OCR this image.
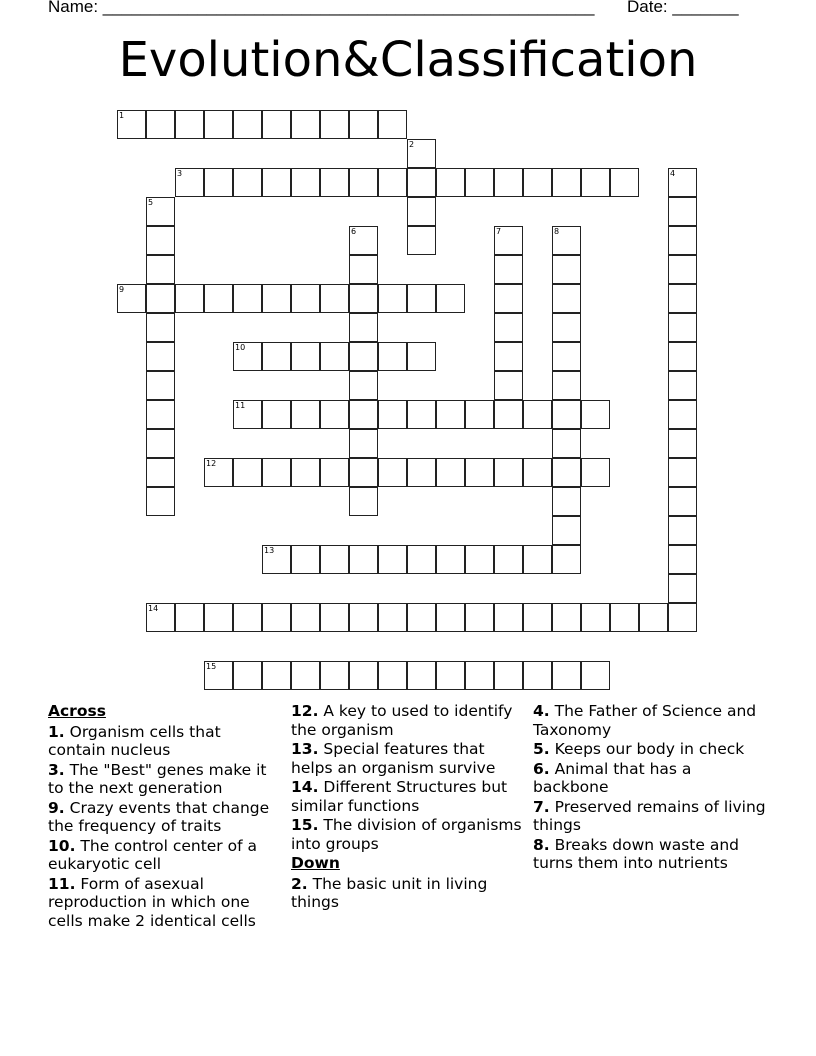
Name: ____________________________________________________ Date: _______
Evolution&Classification
1
2
3	4
5
6	7	8
9
10
11
12
13
14
15
Across
1. Organism cells that contain nucleus
3. The "Best" genes make it to the next generation
9. Crazy events that change the frequency of traits
10. The control center of a eukaryotic cell
11. Form of asexual reproduction in which one cells make 2 identical cells
12. A key to used to identify the organism
13. Special features that helps an organism survive
14. Different Structures but similar functions
15. The division of organisms into groups
Down
2. The basic unit in living things
4. The Father of Science and Taxonomy
5. Keeps our body in check
6. Animal that has a backbone
7. Preserved remains of living things
8. Breaks down waste and turns them into nutrients
